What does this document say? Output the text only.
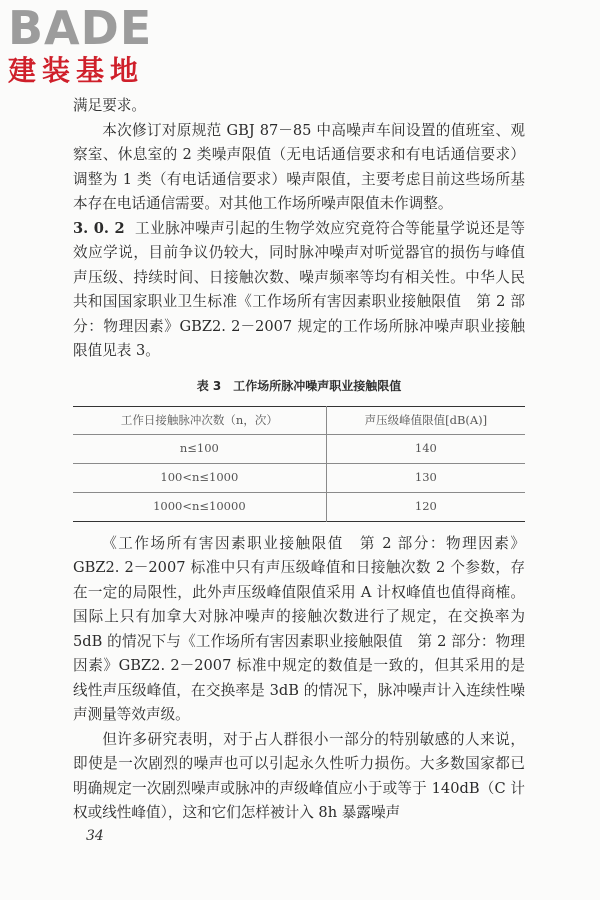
BADE
建装基地

满足要求。

本次修订对原规范 GBJ 87－85 中高噪声车间设置的值班室、观察室、休息室的 2 类噪声限值（无电话通信要求和有电话通信要求）调整为 1 类（有电话通信要求）噪声限值，主要考虑目前这些场所基本存在电话通信需要。对其他工作场所噪声限值未作调整。

3. 0. 2 工业脉冲噪声引起的生物学效应究竟符合等能量学说还是等效应学说，目前争议仍较大，同时脉冲噪声对听觉器官的损伤与峰值声压级、持续时间、日接触次数、噪声频率等均有相关性。中华人民共和国国家职业卫生标准《工作场所有害因素职业接触限值　第 2 部分：物理因素》GBZ2. 2－2007 规定的工作场所脉冲噪声职业接触限值见表 3。

表 3　工作场所脉冲噪声职业接触限值
工作日接触脉冲次数（n，次）	声压级峰值限值[dB(A)]
n≤100	140
100<n≤1000	130
1000<n≤10000	120

《工作场所有害因素职业接触限值　第 2 部分：物理因素》GBZ2. 2－2007 标准中只有声压级峰值和日接触次数 2 个参数，存在一定的局限性，此外声压级峰值限值采用 A 计权峰值也值得商榷。国际上只有加拿大对脉冲噪声的接触次数进行了规定，在交换率为 5dB 的情况下与《工作场所有害因素职业接触限值　第 2 部分：物理因素》GBZ2. 2－2007 标准中规定的数值是一致的，但其采用的是线性声压级峰值，在交换率是 3dB 的情况下，脉冲噪声计入连续性噪声测量等效声级。

但许多研究表明，对于占人群很小一部分的特别敏感的人来说，即使是一次剧烈的噪声也可以引起永久性听力损伤。大多数国家都已明确规定一次剧烈噪声或脉冲的声级峰值应小于或等于 140dB（C 计权或线性峰值），这和它们怎样被计入 8h 暴露噪声

34
